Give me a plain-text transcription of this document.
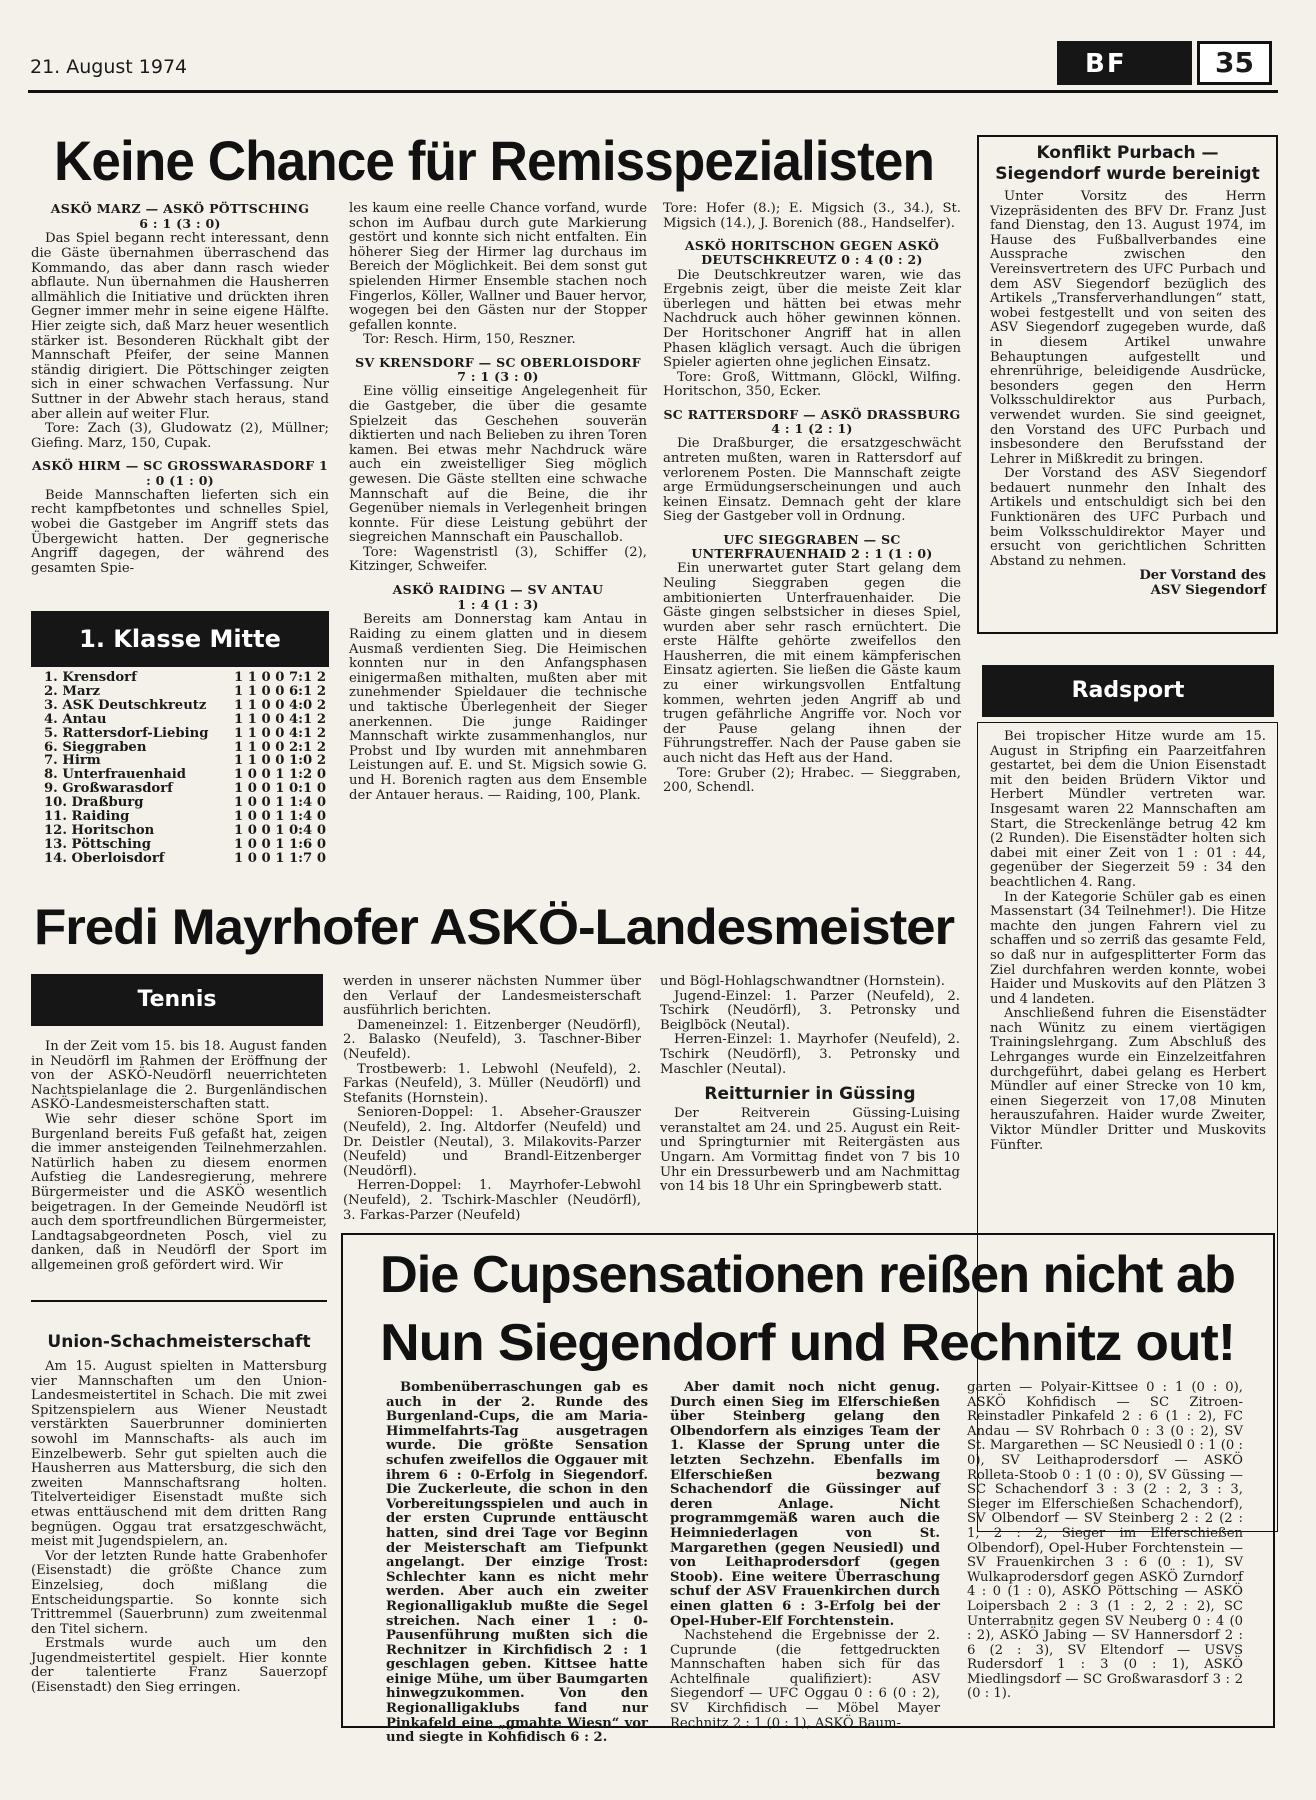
21. August 1974	BF	35
Keine Chance für Remisspezialisten

ASKÖ MARZ — ASKÖ PÖTTSCHING

6 : 1 (3 : 0)

Das Spiel begann recht interessant, denn die Gäste übernahmen überraschend das Kommando, das aber dann rasch wieder abflaute. Nun übernahmen die Hausherren allmählich die Initiative und drückten ihren Gegner immer mehr in seine eigene Hälfte. Hier zeigte sich, daß Marz heuer wesentlich stärker ist. Besonderen Rückhalt gibt der Mannschaft Pfeifer, der seine Mannen ständig dirigiert. Die Pöttschinger zeigten sich in einer schwachen Verfassung. Nur Suttner in der Abwehr stach heraus, stand aber allein auf weiter Flur.

Tore: Zach (3), Gludowatz (2), Müllner; Giefing. Marz, 150, Cupak.

ASKÖ HIRM — SC GROSSWARASDORF 1 : 0 (1 : 0)

Beide Mannschaften lieferten sich ein recht kampfbetontes und schnelles Spiel, wobei die Gastgeber im Angriff stets das Übergewicht hatten. Der gegnerische Angriff dagegen, der während des gesamten Spie-

1. Klasse Mitte
1. Krensdorf	1 1 0 0 7:1 2
2. Marz	1 1 0 0 6:1 2
3. ASK Deutschkreutz	1 1 0 0 4:0 2
4. Antau	1 1 0 0 4:1 2
5. Rattersdorf-Liebing	1 1 0 0 4:1 2
6. Sieggraben	1 1 0 0 2:1 2
7. Hirm	1 1 0 0 1:0 2
8. Unterfrauenhaid	1 0 0 1 1:2 0
9. Großwarasdorf	1 0 0 1 0:1 0
10. Draßburg	1 0 0 1 1:4 0
11. Raiding	1 0 0 1 1:4 0
12. Horitschon	1 0 0 1 0:4 0
13. Pöttsching	1 0 0 1 1:6 0
14. Oberloisdorf	1 0 0 1 1:7 0

les kaum eine reelle Chance vorfand, wurde schon im Aufbau durch gute Markierung gestört und konnte sich nicht entfalten. Ein höherer Sieg der Hirmer lag durchaus im Bereich der Möglichkeit. Bei dem sonst gut spielenden Hirmer Ensemble stachen noch Fingerlos, Köller, Wallner und Bauer hervor, wogegen bei den Gästen nur der Stopper gefallen konnte.

Tor: Resch. Hirm, 150, Reszner.

SV KRENSDORF — SC OBERLOISDORF 7 : 1 (3 : 0)

Eine völlig einseitige Angelegenheit für die Gastgeber, die über die gesamte Spielzeit das Geschehen souverän diktierten und nach Belieben zu ihren Toren kamen. Bei etwas mehr Nachdruck wäre auch ein zweistelliger Sieg möglich gewesen. Die Gäste stellten eine schwache Mannschaft auf die Beine, die ihr Gegenüber niemals in Verlegenheit bringen konnte. Für diese Leistung gebührt der siegreichen Mannschaft ein Pauschallob.

Tore: Wagenstristl (3), Schiffer (2), Kitzinger, Schweifer.

ASKÖ RAIDING — SV ANTAU

1 : 4 (1 : 3)

Bereits am Donnerstag kam Antau in Raiding zu einem glatten und in diesem Ausmaß verdienten Sieg. Die Heimischen konnten nur in den Anfangsphasen einigermaßen mithalten, mußten aber mit zunehmender Spieldauer die technische und taktische Überlegenheit der Sieger anerkennen. Die junge Raidinger Mannschaft wirkte zusammenhanglos, nur Probst und Iby wurden mit annehmbaren Leistungen auf. E. und St. Migsich sowie G. und H. Borenich ragten aus dem Ensemble der Antauer heraus. — Raiding, 100, Plank.

Tore: Hofer (8.); E. Migsich (3., 34.), St. Migsich (14.), J. Borenich (88., Handselfer).

ASKÖ HORITSCHON GEGEN ASKÖ DEUTSCHKREUTZ 0 : 4 (0 : 2)

Die Deutschkreutzer waren, wie das Ergebnis zeigt, über die meiste Zeit klar überlegen und hätten bei etwas mehr Nachdruck auch höher gewinnen können. Der Horitschoner Angriff hat in allen Phasen kläglich versagt. Auch die übrigen Spieler agierten ohne jeglichen Einsatz.

Tore: Groß, Wittmann, Glöckl, Wilfing. Horitschon, 350, Ecker.

SC RATTERSDORF — ASKÖ DRASSBURG 4 : 1 (2 : 1)

Die Draßburger, die ersatzgeschwächt antreten mußten, waren in Rattersdorf auf verlorenem Posten. Die Mannschaft zeigte arge Ermüdungserscheinungen und auch keinen Einsatz. Demnach geht der klare Sieg der Gastgeber voll in Ordnung.

UFC SIEGGRABEN — SC UNTERFRAUENHAID 2 : 1 (1 : 0)

Ein unerwartet guter Start gelang dem Neuling Sieggraben gegen die ambitionierten Unterfrauenhaider. Die Gäste gingen selbstsicher in dieses Spiel, wurden aber sehr rasch ernüchtert. Die erste Hälfte gehörte zweifellos den Hausherren, die mit einem kämpferischen Einsatz agierten. Sie ließen die Gäste kaum zu einer wirkungsvollen Entfaltung kommen, wehrten jeden Angriff ab und trugen gefährliche Angriffe vor. Noch vor der Pause gelang ihnen der Führungstreffer. Nach der Pause gaben sie auch nicht das Heft aus der Hand.

Tore: Gruber (2); Hrabec. — Sieggraben, 200, Schendl.

Konflikt Purbach — Siegendorf wurde bereinigt

Unter Vorsitz des Herrn Vizepräsidenten des BFV Dr. Franz Just fand Dienstag, den 13. August 1974, im Hause des Fußballverbandes eine Aussprache zwischen den Vereinsvertretern des UFC Purbach und dem ASV Siegendorf bezüglich des Artikels „Transferverhandlungen“ statt, wobei festgestellt und von seiten des ASV Siegendorf zugegeben wurde, daß in diesem Artikel unwahre Behauptungen aufgestellt und ehrenrührige, beleidigende Ausdrücke, besonders gegen den Herrn Volksschuldirektor aus Purbach, verwendet wurden. Sie sind geeignet, den Vorstand des UFC Purbach und insbesondere den Berufsstand der Lehrer in Mißkredit zu bringen.

Der Vorstand des ASV Siegendorf bedauert nunmehr den Inhalt des Artikels und entschuldigt sich bei den Funktionären des UFC Purbach und beim Volksschuldirektor Mayer und ersucht von gerichtlichen Schritten Abstand zu nehmen.

Der Vorstand des

ASV Siegendorf

Radsport

Bei tropischer Hitze wurde am 15. August in Stripfing ein Paarzeitfahren gestartet, bei dem die Union Eisenstadt mit den beiden Brüdern Viktor und Herbert Mündler vertreten war. Insgesamt waren 22 Mannschaften am Start, die Streckenlänge betrug 42 km (2 Runden). Die Eisenstädter holten sich dabei mit einer Zeit von 1 : 01 : 44, gegenüber der Siegerzeit 59 : 34 den beachtlichen 4. Rang.

In der Kategorie Schüler gab es einen Massenstart (34 Teilnehmer!). Die Hitze machte den jungen Fahrern viel zu schaffen und so zerriß das gesamte Feld, so daß nur in aufgesplitterter Form das Ziel durchfahren werden konnte, wobei Haider und Muskovits auf den Plätzen 3 und 4 landeten.

Anschließend fuhren die Eisenstädter nach Wünitz zu einem viertägigen Trainingslehrgang. Zum Abschluß des Lehrganges wurde ein Einzelzeitfahren durchgeführt, dabei gelang es Herbert Mündler auf einer Strecke von 10 km, einen Siegerzeit von 17,08 Minuten herauszufahren. Haider wurde Zweiter, Viktor Mündler Dritter und Muskovits Fünfter.

Fredi Mayrhofer ASKÖ-Landesmeister
Tennis

In der Zeit vom 15. bis 18. August fanden in Neudörfl im Rahmen der Eröffnung der von der ASKÖ-Neudörfl neuerrichteten Nachtspielanlage die 2. Burgenländischen ASKÖ-Landesmeisterschaften statt.

Wie sehr dieser schöne Sport im Burgenland bereits Fuß gefaßt hat, zeigen die immer ansteigenden Teilnehmerzahlen. Natürlich haben zu diesem enormen Aufstieg die Landesregierung, mehrere Bürgermeister und die ASKÖ wesentlich beigetragen. In der Gemeinde Neudörfl ist auch dem sportfreundlichen Bürgermeister, Landtagsabgeordneten Posch, viel zu danken, daß in Neudörfl der Sport im allgemeinen groß gefördert wird. Wir

werden in unserer nächsten Nummer über den Verlauf der Landesmeisterschaft ausführlich berichten.

Dameneinzel: 1. Eitzenberger (Neudörfl), 2. Balasko (Neufeld), 3. Taschner-Biber (Neufeld).

Trostbewerb: 1. Lebwohl (Neufeld), 2. Farkas (Neufeld), 3. Müller (Neudörfl) und Stefanits (Hornstein).

Senioren-Doppel: 1. Abseher-Grauszer (Neufeld), 2. Ing. Altdorfer (Neufeld) und Dr. Deistler (Neutal), 3. Milakovits-Parzer (Neufeld) und Brandl-Eitzenberger (Neudörfl).

Herren-Doppel: 1. Mayrhofer-Lebwohl (Neufeld), 2. Tschirk-Maschler (Neudörfl), 3. Farkas-Parzer (Neufeld)

und Bögl-Hohlagschwandtner (Hornstein).

Jugend-Einzel: 1. Parzer (Neufeld), 2. Tschirk (Neudörfl), 3. Petronsky und Beiglböck (Neutal).

Herren-Einzel: 1. Mayrhofer (Neufeld), 2. Tschirk (Neudörfl), 3. Petronsky und Maschler (Neutal).

Reitturnier in Güssing

Der Reitverein Güssing-Luising veranstaltet am 24. und 25. August ein Reit- und Springturnier mit Reitergästen aus Ungarn. Am Vormittag findet von 7 bis 10 Uhr ein Dressurbewerb und am Nachmittag von 14 bis 18 Uhr ein Springbewerb statt.

Union-Schachmeisterschaft

Am 15. August spielten in Mattersburg vier Mannschaften um den Union-Landesmeistertitel in Schach. Die mit zwei Spitzenspielern aus Wiener Neustadt verstärkten Sauerbrunner dominierten sowohl im Mannschafts- als auch im Einzelbewerb. Sehr gut spielten auch die Hausherren aus Mattersburg, die sich den zweiten Mannschaftsrang holten. Titelverteidiger Eisenstadt mußte sich etwas enttäuschend mit dem dritten Rang begnügen. Oggau trat ersatzgeschwächt, meist mit Jugendspielern, an.

Vor der letzten Runde hatte Grabenhofer (Eisenstadt) die größte Chance zum Einzelsieg, doch mißlang die Entscheidungspartie. So konnte sich Trittremmel (Sauerbrunn) zum zweitenmal den Titel sichern.

Erstmals wurde auch um den Jugendmeistertitel gespielt. Hier konnte der talentierte Franz Sauerzopf (Eisenstadt) den Sieg erringen.

Die Cupsensationen reißen nicht ab
Nun Siegendorf und Rechnitz out!

Bombenüberraschungen gab es auch in der 2. Runde des Burgenland-Cups, die am Maria-Himmelfahrts-Tag ausgetragen wurde. Die größte Sensation schufen zweifellos die Oggauer mit ihrem 6 : 0-Erfolg in Siegendorf. Die Zuckerleute, die schon in den Vorbereitungsspielen und auch in der ersten Cuprunde enttäuscht hatten, sind drei Tage vor Beginn der Meisterschaft am Tiefpunkt angelangt. Der einzige Trost: Schlechter kann es nicht mehr werden. Aber auch ein zweiter Regionalligaklub mußte die Segel streichen. Nach einer 1 : 0-Pausenführung mußten sich die Rechnitzer in Kirchfidisch 2 : 1 geschlagen geben. Kittsee hatte einige Mühe, um über Baumgarten hinwegzukommen. Von den Regionalligaklubs fand nur Pinkafeld eine „gmahte Wiesn“ vor und siegte in Kohfidisch 6 : 2.

Aber damit noch nicht genug. Durch einen Sieg im Elferschießen über Steinberg gelang den Olbendorfern als einziges Team der 1. Klasse der Sprung unter die letzten Sechzehn. Ebenfalls im Elferschießen bezwang Schachendorf die Güssinger auf deren Anlage. Nicht programmgemäß waren auch die Heimniederlagen von St. Margarethen (gegen Neusiedl) und von Leithaprodersdorf (gegen Stoob). Eine weitere Überraschung schuf der ASV Frauenkirchen durch einen glatten 6 : 3-Erfolg bei der Opel-Huber-Elf Forchtenstein.

Nachstehend die Ergebnisse der 2. Cuprunde (die fettgedruckten Mannschaften haben sich für das Achtelfinale qualifiziert): ASV Siegendorf — UFC Oggau 0 : 6 (0 : 2), SV Kirchfidisch — Möbel Mayer Rechnitz 2 : 1 (0 : 1), ASKÖ Baum-

garten — Polyair-Kittsee 0 : 1 (0 : 0), ASKÖ Kohfidisch — SC Zitroen-Reinstadler Pinkafeld 2 : 6 (1 : 2), FC Andau — SV Rohrbach 0 : 3 (0 : 2), SV St. Margarethen — SC Neusiedl 0 : 1 (0 : 0), SV Leithaprodersdorf — ASKÖ Rolleta-Stoob 0 : 1 (0 : 0), SV Güssing — SC Schachendorf 3 : 3 (2 : 2, 3 : 3, Sieger im Elferschießen Schachendorf), SV Olbendorf — SV Steinberg 2 : 2 (2 : 1, 2 : 2, Sieger im Elferschießen Olbendorf), Opel-Huber Forchtenstein — SV Frauenkirchen 3 : 6 (0 : 1), SV Wulkaprodersdorf gegen ASKÖ Zurndorf 4 : 0 (1 : 0), ASKÖ Pöttsching — ASKÖ Loipersbach 2 : 3 (1 : 2, 2 : 2), SC Unterrabnitz gegen SV Neuberg 0 : 4 (0 : 2), ASKÖ Jabing — SV Hannersdorf 2 : 6 (2 : 3), SV Eltendorf — USVS Rudersdorf 1 : 3 (0 : 1), ASKÖ Miedlingsdorf — SC Großwarasdorf 3 : 2 (0 : 1).
